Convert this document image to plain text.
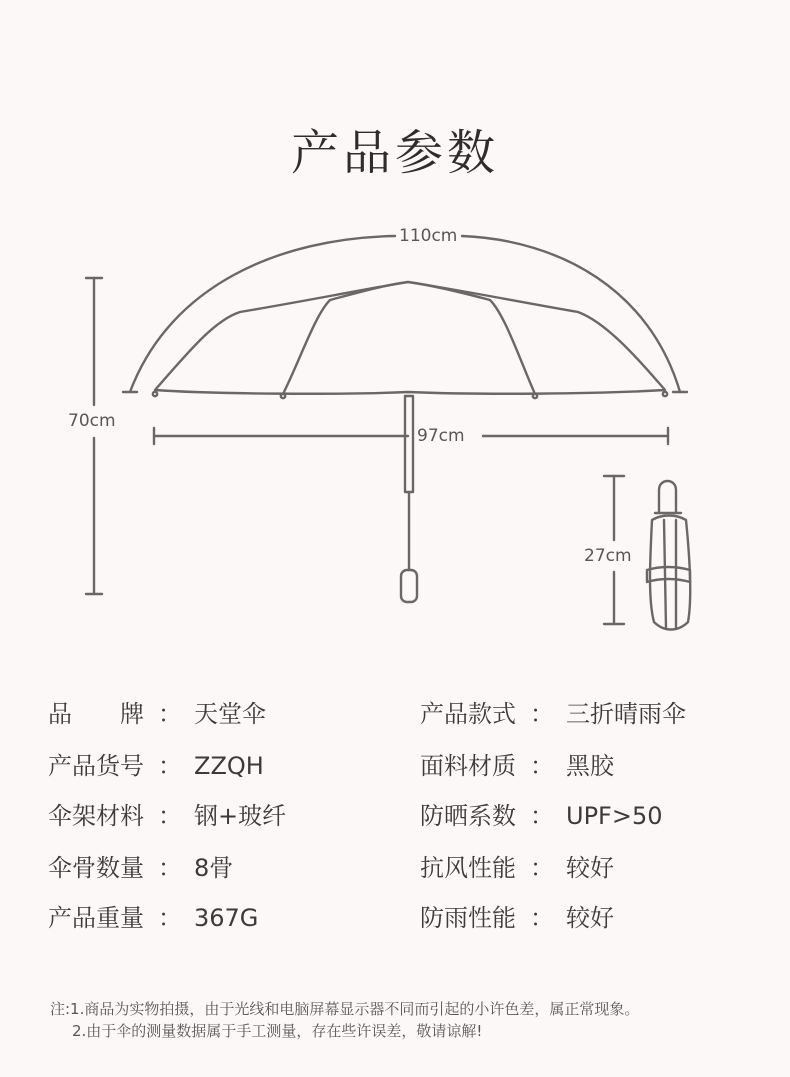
产品参数
110cm
70cm
97cm
27cm
品　　牌 ： 天堂伞
产品货号 ： ZZQH
伞架材料 ： 钢+玻纤
伞骨数量 ： 8骨
产品重量 ： 367G
产品款式 ： 三折晴雨伞
面料材质 ： 黑胶
防晒系数 ： UPF>50
抗风性能 ： 较好
防雨性能 ： 较好
注:1.商品为实物拍摄，由于光线和电脑屏幕显示器不同而引起的小许色差，属正常现象。
2.由于伞的测量数据属于手工测量，存在些许误差，敬请谅解!
